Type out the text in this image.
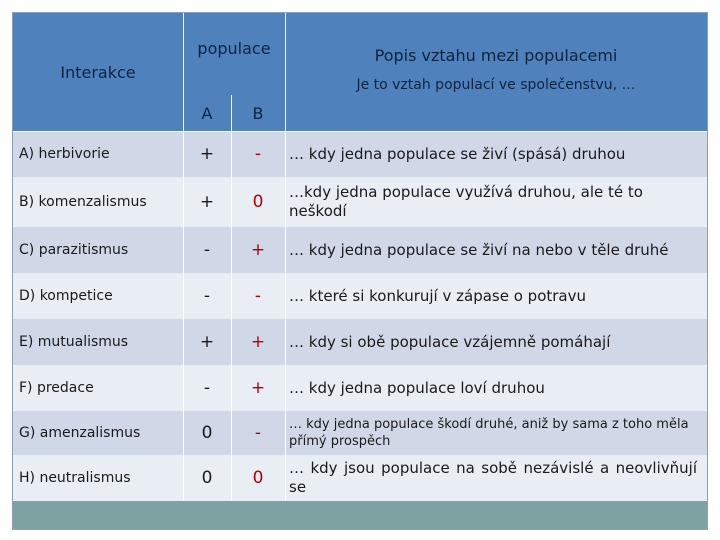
Interakce
populace
A	B
Popis vztahu mezi populacemi
Je to vztah populací ve společenstvu, …
A) herbivorie	+	-	… kdy jedna populace se živí (spásá) druhou
B) komenzalismus	+	0	…kdy jedna populace využívá druhou, ale té to neškodí
C) parazitismus	-	+	… kdy jedna populace se živí na nebo v těle druhé
D) kompetice	-	-	… které si konkurují v zápase o potravu
E) mutualismus	+	+	… kdy si obě populace vzájemně pomáhají
F) predace	-	+	… kdy jedna populace loví druhou
G) amenzalismus	0	-	… kdy jedna populace škodí druhé, aniž by sama z toho měla přímý prospěch
H) neutralismus	0	0	… kdy jsou populace na sobě nezávislé a neovlivňují se
